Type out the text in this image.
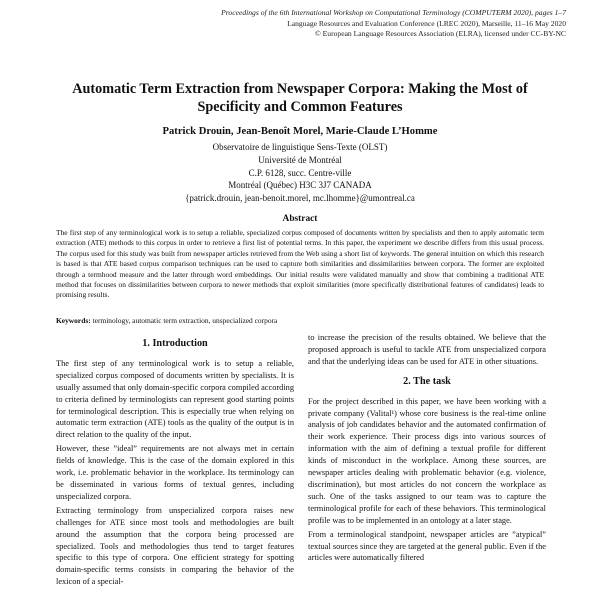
Proceedings of the 6th International Workshop on Computational Terminology (COMPUTERM 2020), pages 1–7
Language Resources and Evaluation Conference (LREC 2020), Marseille, 11–16 May 2020
© European Language Resources Association (ELRA), licensed under CC-BY-NC
Automatic Term Extraction from Newspaper Corpora: Making the Most of
Specificity and Common Features
Patrick Drouin, Jean-Benoît Morel, Marie-Claude L’Homme
Observatoire de linguistique Sens-Texte (OLST)
Université de Montréal
C.P. 6128, succ. Centre-ville
Montréal (Québec) H3C 3J7 CANADA
{patrick.drouin, jean-benoit.morel, mc.lhomme}@umontreal.ca
Abstract
The first step of any terminological work is to setup a reliable, specialized corpus composed of documents written by specialists and then to apply automatic term extraction (ATE) methods to this corpus in order to retrieve a first list of potential terms. In this paper, the experiment we describe differs from this usual process. The corpus used for this study was built from newspaper articles retrieved from the Web using a short list of keywords. The general intuition on which this research is based is that ATE based corpus comparison techniques can be used to capture both similarities and dissimilarities between corpora. The former are exploited through a termhood measure and the latter through word embeddings. Our initial results were validated manually and show that combining a traditional ATE method that focuses on dissimilarities between corpora to newer methods that exploit similarities (more specifically distributional features of candidates) leads to promising results.
Keywords: terminology, automatic term extraction, unspecialized corpora
1. Introduction

The first step of any terminological work is to setup a reliable, specialized corpus composed of documents written by specialists. It is usually assumed that only domain-specific corpora compiled according to criteria defined by terminologists can represent good starting points for terminological description. This is especially true when relying on automatic term extraction (ATE) tools as the quality of the output is in direct relation to the quality of the input.

However, these ”ideal” requirements are not always met in certain fields of knowledge. This is the case of the domain explored in this work, i.e. problematic behavior in the workplace. Its terminology can be disseminated in various forms of textual genres, including unspecialized corpora.

Extracting terminology from unspecialized corpora raises new challenges for ATE since most tools and methodologies are built around the assumption that the corpora being processed are specialized. Tools and methodologies thus tend to target features specific to this type of corpora. One efficient strategy for spotting domain-specific terms consists in comparing the behavior of the lexicon of a special-

to increase the precision of the results obtained. We believe that the proposed approach is useful to tackle ATE from unspecialized corpora and that the underlying ideas can be used for ATE in other situations.

2. The task

For the project described in this paper, we have been working with a private company (Valital¹) whose core business is the real-time online analysis of job candidates behavior and the automated confirmation of their work experience. Their process digs into various sources of information with the aim of defining a textual profile for different kinds of misconduct in the workplace. Among these sources, are newspaper articles dealing with problematic behavior (e.g. violence, discrimination), but most articles do not concern the workplace as such. One of the tasks assigned to our team was to capture the terminological profile for each of these behaviors. This terminological profile was to be implemented in an ontology at a later stage.

From a terminological standpoint, newspaper articles are ”atypical” textual sources since they are targeted at the general public. Even if the articles were automatically filtered
